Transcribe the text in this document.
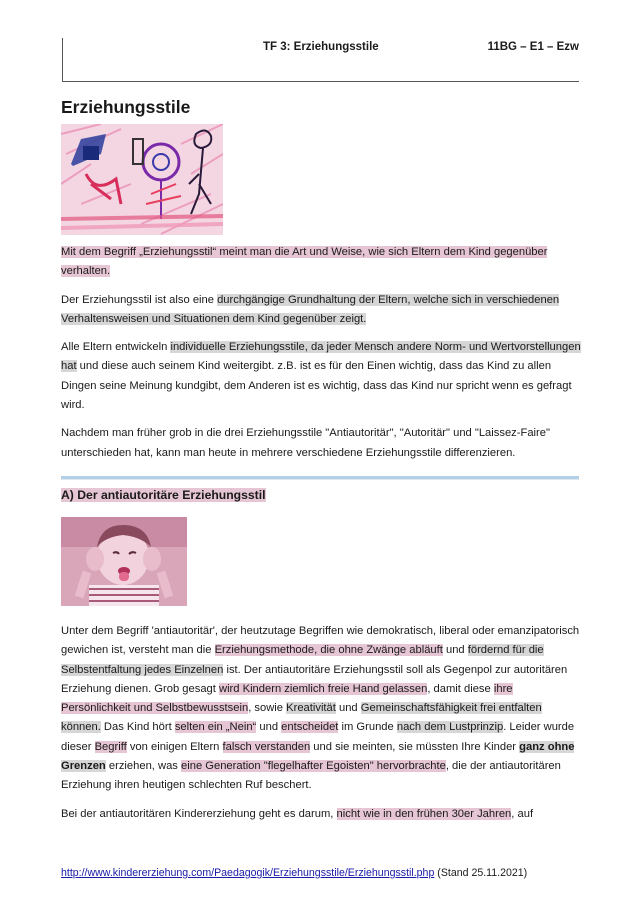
TF 3: Erziehungsstile	11BG – E1 – Ezw
Erziehungsstile

Mit dem Begriff „Erziehungsstil“ meint man die Art und Weise, wie sich Eltern dem Kind gegenüber verhalten.

Der Erziehungsstil ist also eine durchgängige Grundhaltung der Eltern, welche sich in verschiedenen Verhaltensweisen und Situationen dem Kind gegenüber zeigt.

Alle Eltern entwickeln individuelle Erziehungsstile, da jeder Mensch andere Norm- und Wertvorstellungen hat und diese auch seinem Kind weitergibt. z.B. ist es für den Einen wichtig, dass das Kind zu allen Dingen seine Meinung kundgibt, dem Anderen ist es wichtig, dass das Kind nur spricht wenn es gefragt wird.

Nachdem man früher grob in die drei Erziehungsstile "Antiautoritär", "Autoritär" und "Laissez-Faire" unterschieden hat, kann man heute in mehrere verschiedene Erziehungsstile differenzieren.

A) Der antiautoritäre Erziehungsstil

Unter dem Begriff 'antiautoritär', der heutzutage Begriffen wie demokratisch, liberal oder emanzipatorisch gewichen ist, versteht man die Erziehungsmethode, die ohne Zwänge abläuft und fördernd für die Selbstentfaltung jedes Einzelnen ist. Der antiautoritäre Erziehungsstil soll als Gegenpol zur autoritären Erziehung dienen. Grob gesagt wird Kindern ziemlich freie Hand gelassen, damit diese ihre Persönlichkeit und Selbstbewusstsein, sowie Kreativität und Gemeinschaftsfähigkeit frei entfalten können. Das Kind hört selten ein „Nein“ und entscheidet im Grunde nach dem Lustprinzip. Leider wurde dieser Begriff von einigen Eltern falsch verstanden und sie meinten, sie müssten Ihre Kinder ganz ohne Grenzen erziehen, was eine Generation "flegelhafter Egoisten" hervorbrachte, die der antiautoritären Erziehung ihren heutigen schlechten Ruf beschert.

Bei der antiautoritären Kindererziehung geht es darum, nicht wie in den frühen 30er Jahren, auf

http://www.kindererziehung.com/Paedagogik/Erziehungsstile/Erziehungsstil.php (Stand 25.11.2021)
